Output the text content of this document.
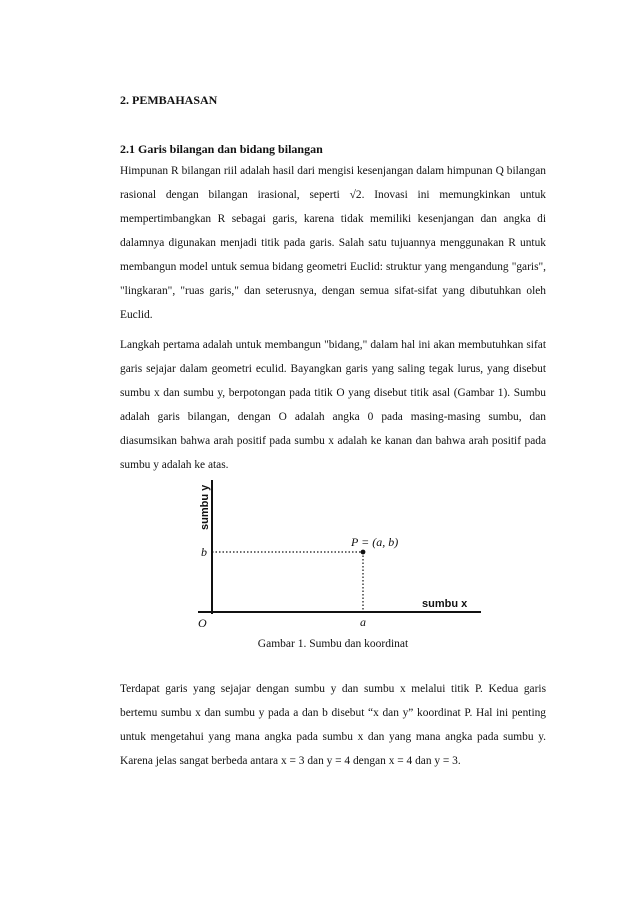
2. PEMBAHASAN

2.1 Garis bilangan dan bidang bilangan

Himpunan R bilangan riil adalah hasil dari mengisi kesenjangan dalam himpunan Q bilangan rasional dengan bilangan irasional, seperti √2. Inovasi ini memungkinkan untuk mempertimbangkan R sebagai garis, karena tidak memiliki kesenjangan dan angka di dalamnya digunakan menjadi titik pada garis. Salah satu tujuannya menggunakan R untuk membangun model untuk semua bidang geometri Euclid: struktur yang mengandung "garis", "lingkaran", "ruas garis," dan seterusnya, dengan semua sifat-sifat yang dibutuhkan oleh Euclid.

Langkah pertama adalah untuk membangun "bidang," dalam hal ini akan membutuhkan sifat garis sejajar dalam geometri eculid. Bayangkan garis yang saling tegak lurus, yang disebut sumbu x dan sumbu y, berpotongan pada titik O yang disebut titik asal (Gambar 1). Sumbu adalah garis bilangan, dengan O adalah angka 0 pada masing-masing sumbu, dan diasumsikan bahwa arah positif pada sumbu x adalah ke kanan dan bahwa arah positif pada sumbu y adalah ke atas.

sumbu y
sumbu x
O
P = (a, b)
b
a

Gambar 1. Sumbu dan koordinat

Terdapat garis yang sejajar dengan sumbu y dan sumbu x melalui titik P. Kedua garis bertemu sumbu x dan sumbu y pada a dan b disebut “x dan y” koordinat P. Hal ini penting untuk mengetahui yang mana angka pada sumbu x dan yang mana angka pada sumbu y. Karena jelas sangat berbeda antara x = 3 dan y = 4 dengan x = 4 dan y = 3.
